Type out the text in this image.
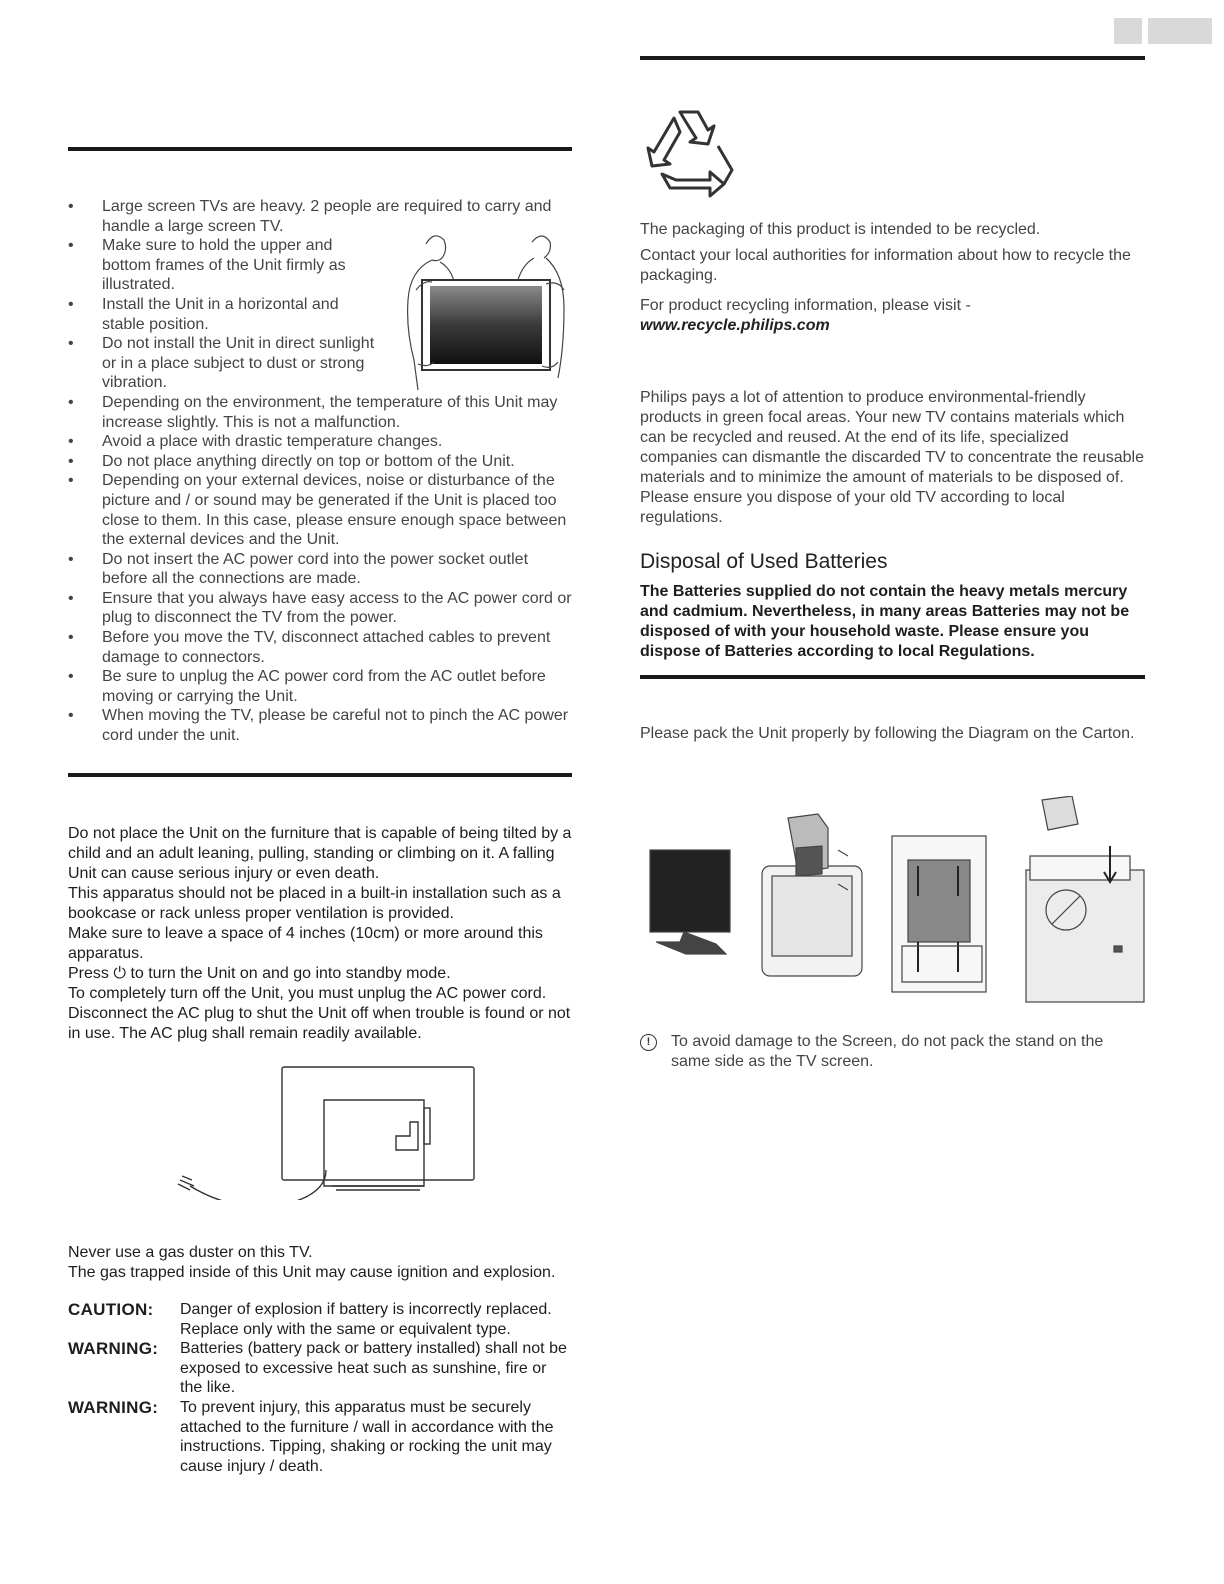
• Large screen TVs are heavy. 2 people are required to carry and handle a large screen TV.
• Make sure to hold the upper and bottom frames of the Unit firmly as illustrated.
• Install the Unit in a horizontal and stable position.
• Do not install the Unit in direct sunlight or in a place subject to dust or strong vibration.
• Depending on the environment, the temperature of this Unit may increase slightly. This is not a malfunction.
• Avoid a place with drastic temperature changes.
• Do not place anything directly on top or bottom of the Unit.
• Depending on your external devices, noise or disturbance of the picture and / or sound may be generated if the Unit is placed too close to them. In this case, please ensure enough space between the external devices and the Unit.
• Do not insert the AC power cord into the power socket outlet before all the connections are made.
• Ensure that you always have easy access to the AC power cord or plug to disconnect the TV from the power.
• Before you move the TV, disconnect attached cables to prevent damage to connectors.
• Be sure to unplug the AC power cord from the AC outlet before moving or carrying the Unit.
• When moving the TV, please be careful not to pinch the AC power cord under the unit.

Do not place the Unit on the furniture that is capable of being tilted by a child and an adult leaning, pulling, standing or climbing on it. A falling Unit can cause serious injury or even death.

This apparatus should not be placed in a built-in installation such as a bookcase or rack unless proper ventilation is provided.

Make sure to leave a space of 4 inches (10cm) or more around this apparatus.

Press ⏻ to turn the Unit on and go into standby mode.

To completely turn off the Unit, you must unplug the AC power cord.

Disconnect the AC plug to shut the Unit off when trouble is found or not in use. The AC plug shall remain readily available.

Never use a gas duster on this TV.

The gas trapped inside of this Unit may cause ignition and explosion.

CAUTION:	Danger of explosion if battery is incorrectly replaced. Replace only with the same or equivalent type.
WARNING:	Batteries (battery pack or battery installed) shall not be exposed to excessive heat such as sunshine, fire or the like.
WARNING:	To prevent injury, this apparatus must be securely attached to the furniture / wall in accordance with the instructions. Tipping, shaking or rocking the unit may cause injury / death.

The packaging of this product is intended to be recycled.

Contact your local authorities for information about how to recycle the packaging.

For product recycling information, please visit - www.recycle.philips.com

Philips pays a lot of attention to produce environmental-friendly products in green focal areas. Your new TV contains materials which can be recycled and reused. At the end of its life, specialized companies can dismantle the discarded TV to concentrate the reusable materials and to minimize the amount of materials to be disposed of. Please ensure you dispose of your old TV according to local regulations.

Disposal of Used Batteries

The Batteries supplied do not contain the heavy metals mercury and cadmium. Nevertheless, in many areas Batteries may not be disposed of with your household waste. Please ensure you dispose of Batteries according to local Regulations.

Please pack the Unit properly by following the Diagram on the Carton.

!	To avoid damage to the Screen, do not pack the stand on the same side as the TV screen.
